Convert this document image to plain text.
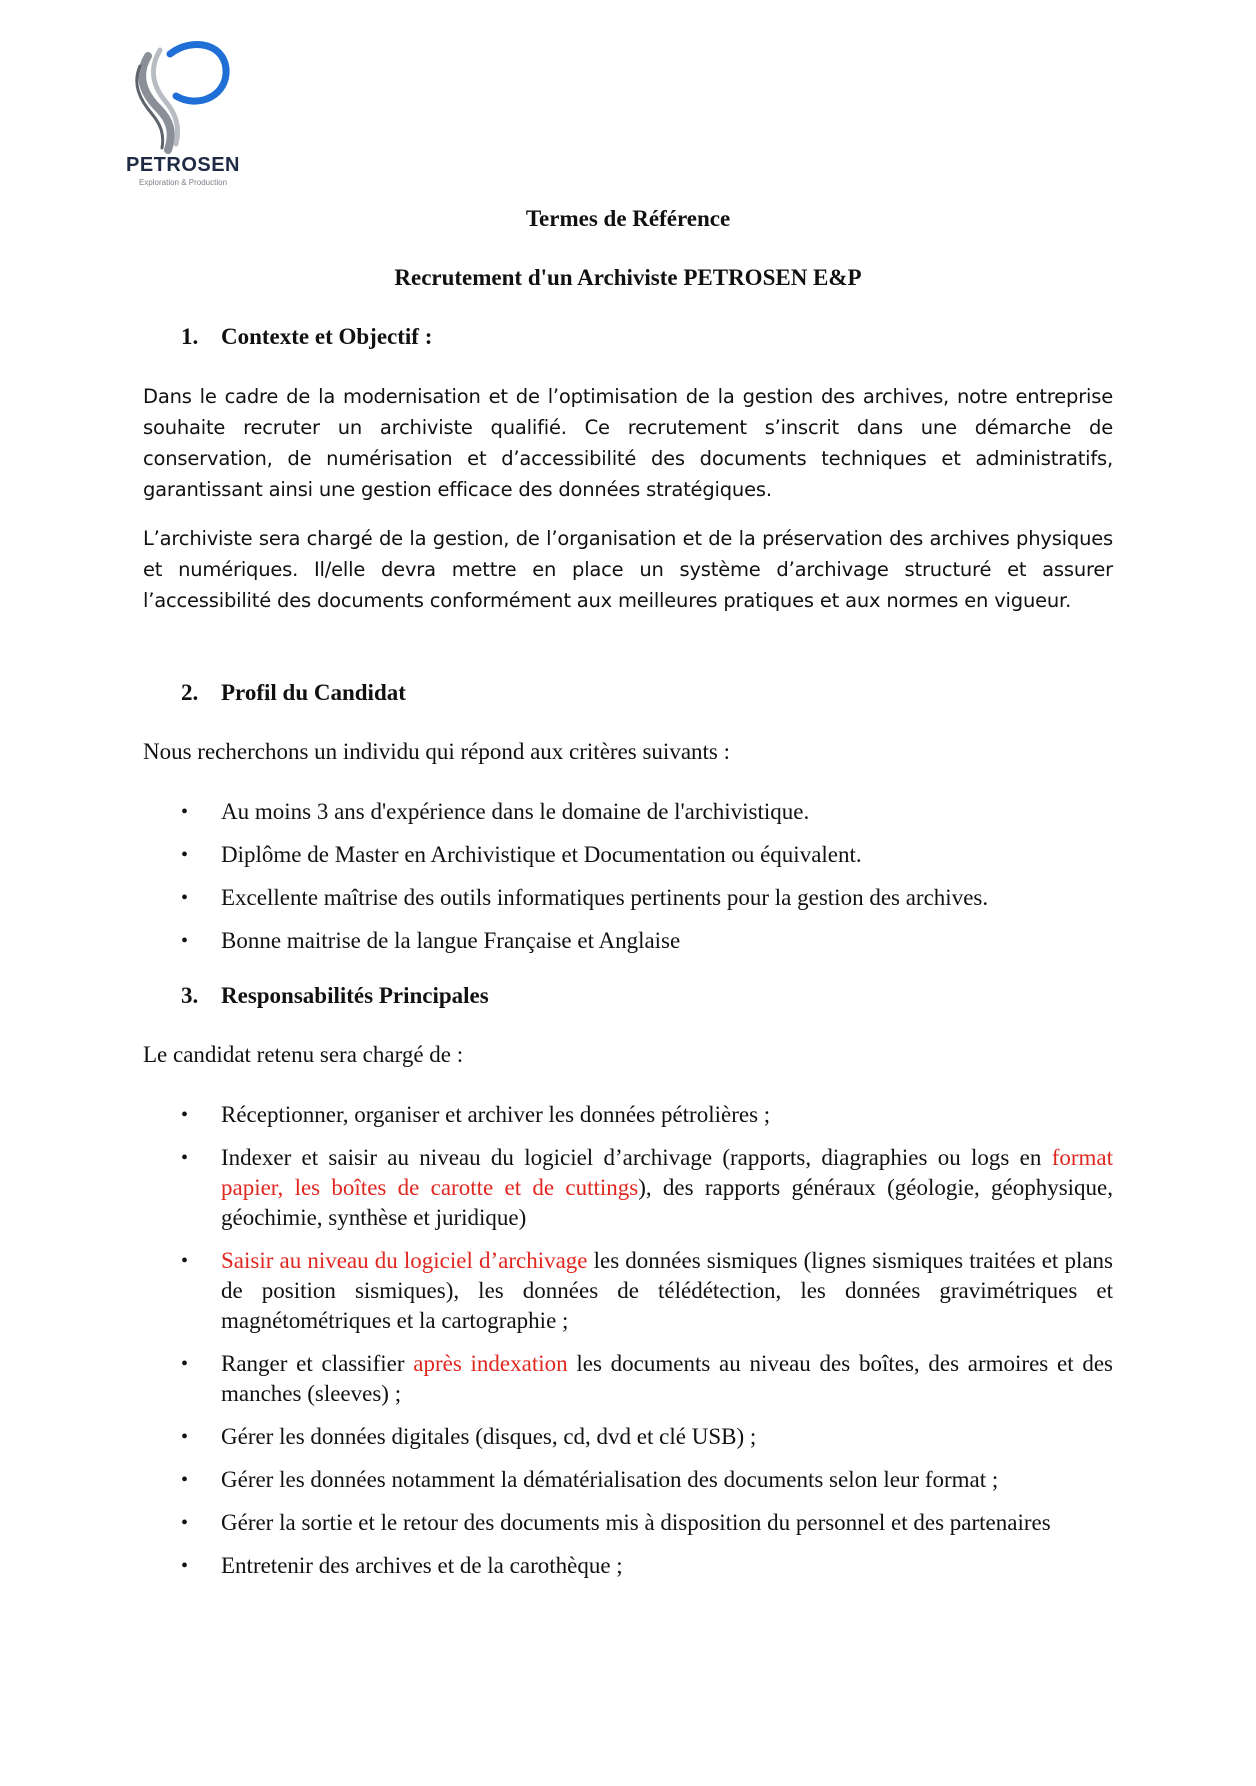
PETROSEN
Exploration & Production
Termes de Référence
Recrutement d'un Archiviste PETROSEN E&P
1. Contexte et Objectif :

Dans le cadre de la modernisation et de l’optimisation de la gestion des archives, notre entreprise souhaite recruter un archiviste qualifié. Ce recrutement s’inscrit dans une démarche de conservation, de numérisation et d’accessibilité des documents techniques et administratifs, garantissant ainsi une gestion efficace des données stratégiques.

L’archiviste sera chargé de la gestion, de l’organisation et de la préservation des archives physiques et numériques. Il/elle devra mettre en place un système d’archivage structuré et assurer l’accessibilité des documents conformément aux meilleures pratiques et aux normes en vigueur.

2. Profil du Candidat
Nous recherchons un individu qui répond aux critères suivants :
• Au moins 3 ans d'expérience dans le domaine de l'archivistique.
• Diplôme de Master en Archivistique et Documentation ou équivalent.
• Excellente maîtrise des outils informatiques pertinents pour la gestion des archives.
• Bonne maitrise de la langue Française et Anglaise
3. Responsabilités Principales
Le candidat retenu sera chargé de :
• Réceptionner, organiser et archiver les données pétrolières ;
• Indexer et saisir au niveau du logiciel d’archivage (rapports, diagraphies ou logs en format papier, les boîtes de carotte et de cuttings), des rapports généraux (géologie, géophysique, géochimie, synthèse et juridique)
• Saisir au niveau du logiciel d’archivage les données sismiques (lignes sismiques traitées et plans de position sismiques), les données de télédétection, les données gravimétriques et magnétométriques et la cartographie ;
• Ranger et classifier après indexation les documents au niveau des boîtes, des armoires et des manches (sleeves) ;
• Gérer les données digitales (disques, cd, dvd et clé USB) ;
• Gérer les données notamment la dématérialisation des documents selon leur format ;
• Gérer la sortie et le retour des documents mis à disposition du personnel et des partenaires
• Entretenir des archives et de la carothèque ;
